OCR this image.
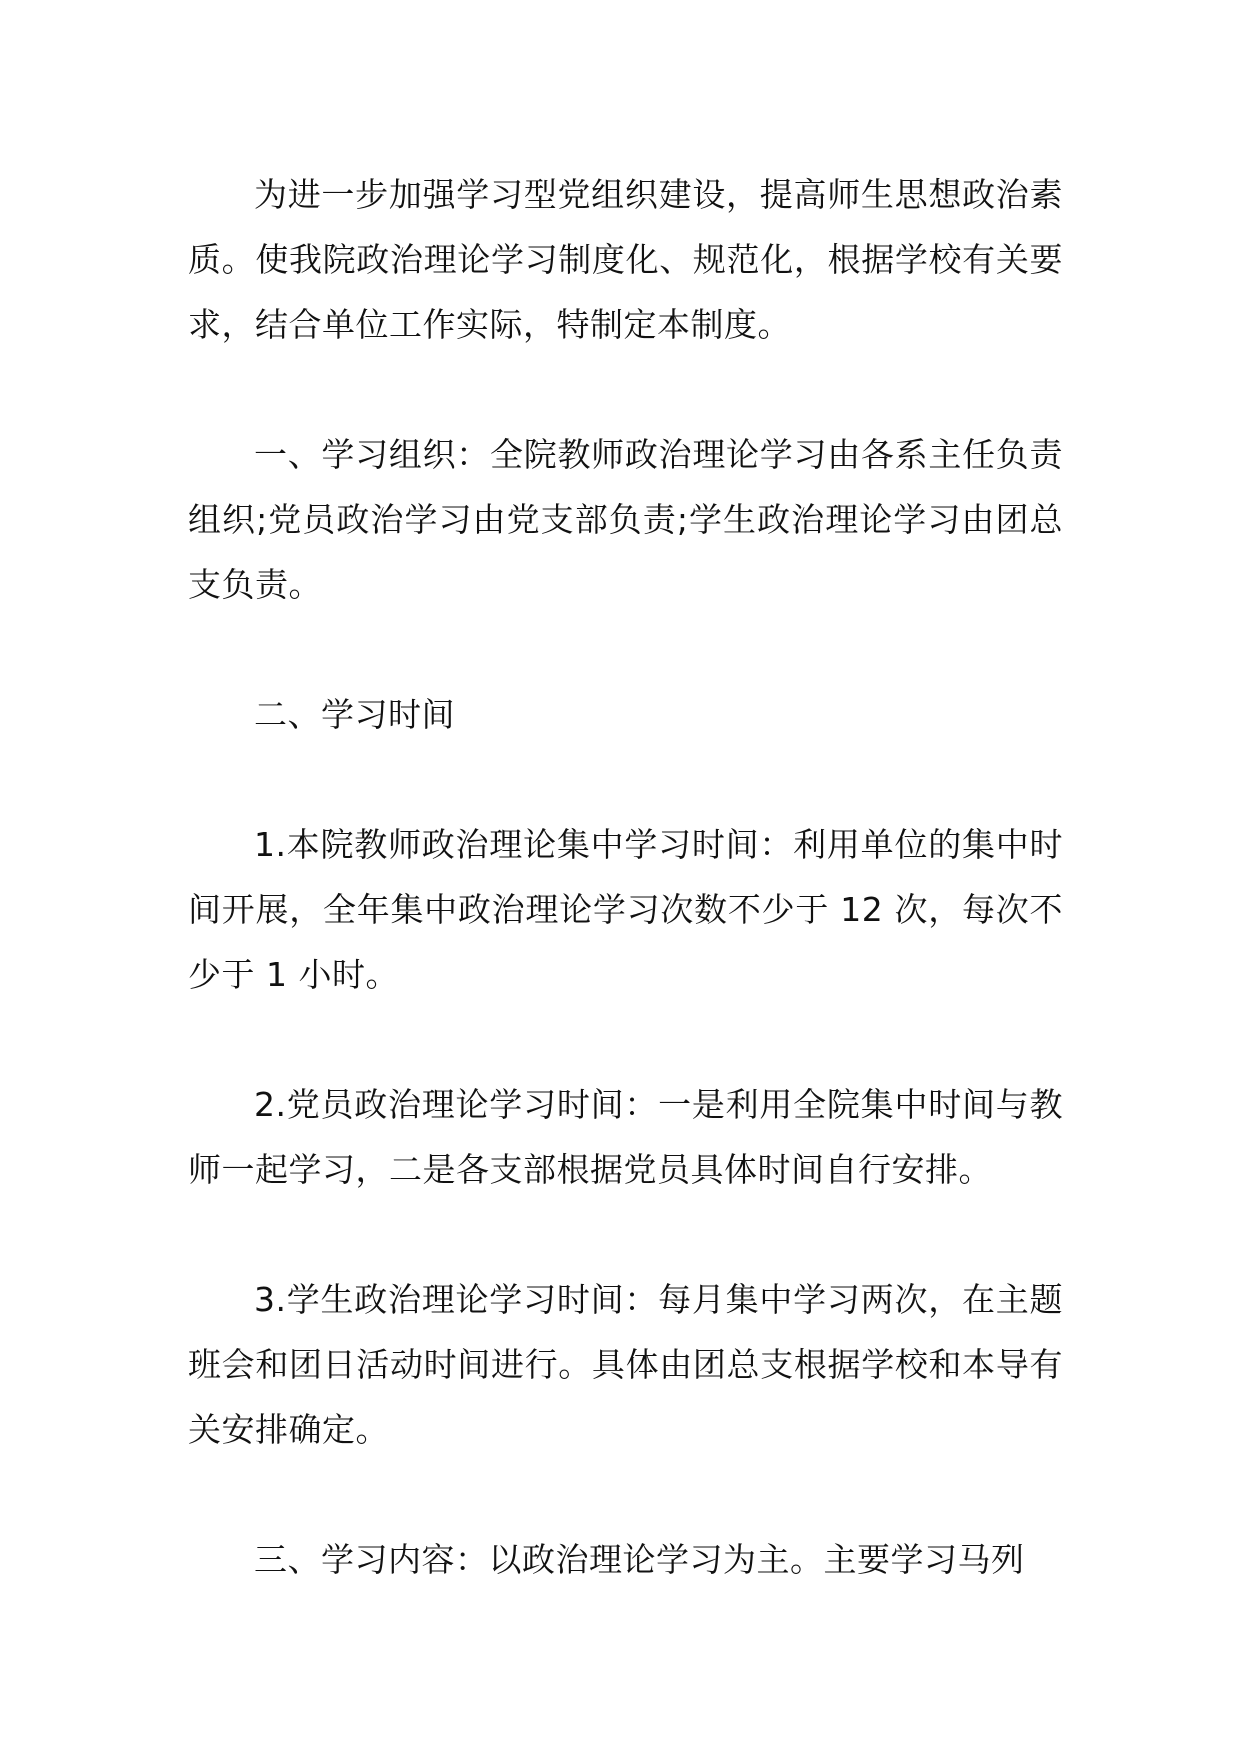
为进一步加强学习型党组织建设，提高师生思想政治素质。使我院政治理论学习制度化、规范化，根据学校有关要求，结合单位工作实际，特制定本制度。

一、学习组织：全院教师政治理论学习由各系主任负责组织;党员政治学习由党支部负责;学生政治理论学习由团总支负责。

二、学习时间

1.本院教师政治理论集中学习时间：利用单位的集中时间开展，全年集中政治理论学习次数不少于 12 次，每次不少于 1 小时。

2.党员政治理论学习时间：一是利用全院集中时间与教师一起学习，二是各支部根据党员具体时间自行安排。

3.学生政治理论学习时间：每月集中学习两次，在主题班会和团日活动时间进行。具体由团总支根据学校和本导有关安排确定。

三、学习内容：以政治理论学习为主。主要学习马列
